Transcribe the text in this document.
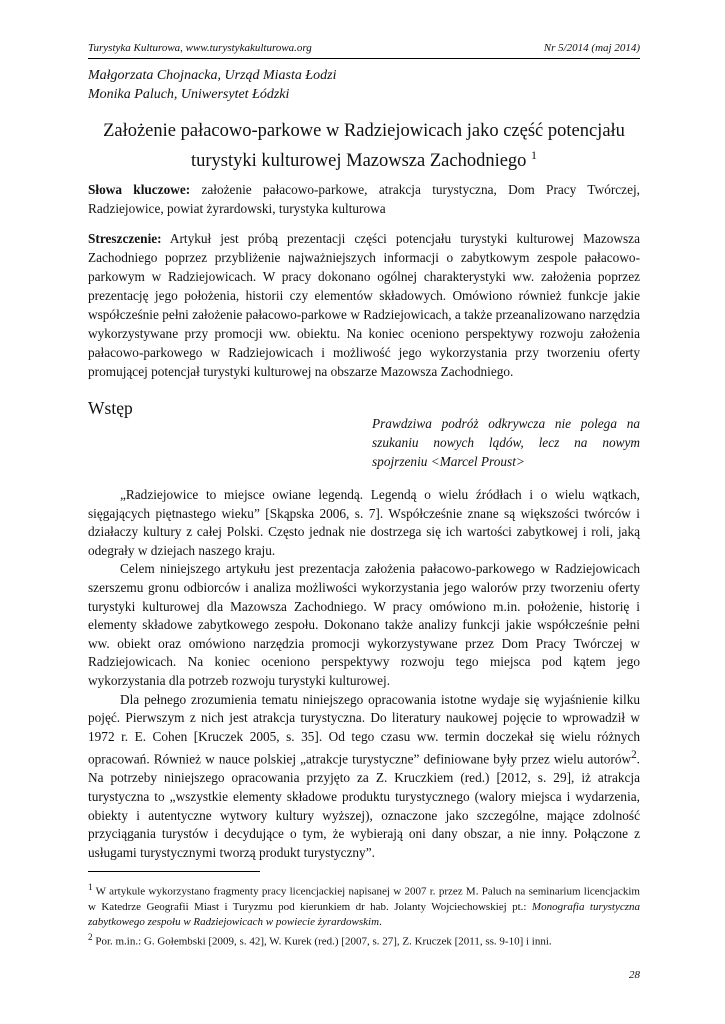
Turystyka Kulturowa, www.turystykakulturowa.org	Nr 5/2014 (maj 2014)
Małgorzata Chojnacka, Urząd Miasta Łodzi
Monika Paluch, Uniwersytet Łódzki
Założenie pałacowo-parkowe w Radziejowicach jako część potencjału
turystyki kulturowej Mazowsza Zachodniego $^1$

Słowa kluczowe: założenie pałacowo-parkowe, atrakcja turystyczna, Dom Pracy Twórczej, Radziejowice, powiat żyrardowski, turystyka kulturowa

Streszczenie: Artykuł jest próbą prezentacji części potencjału turystyki kulturowej Mazowsza Zachodniego poprzez przybliżenie najważniejszych informacji o zabytkowym zespole pałacowo-parkowym w Radziejowicach. W pracy dokonano ogólnej charakterystyki ww. założenia poprzez prezentację jego położenia, historii czy elementów składowych. Omówiono również funkcje jakie współcześnie pełni założenie pałacowo-parkowe w Radziejowicach, a także przeanalizowano narzędzia wykorzystywane przy promocji ww. obiektu. Na koniec oceniono perspektywy rozwoju założenia pałacowo-parkowego w Radziejowicach i możliwość jego wykorzystania przy tworzeniu oferty promującej potencjał turystyki kulturowej na obszarze Mazowsza Zachodniego.

Wstęp
Prawdziwa podróż odkrywcza nie polega na szukaniu nowych lądów, lecz na nowym spojrzeniu <Marcel Proust>

„Radziejowice to miejsce owiane legendą. Legendą o wielu źródłach i o wielu wątkach, sięgających piętnastego wieku” [Skąpska 2006, s. 7]. Współcześnie znane są większości twórców i działaczy kultury z całej Polski. Często jednak nie dostrzega się ich wartości zabytkowej i roli, jaką odegrały w dziejach naszego kraju.

Celem niniejszego artykułu jest prezentacja założenia pałacowo-parkowego w Radziejowicach szerszemu gronu odbiorców i analiza możliwości wykorzystania jego walorów przy tworzeniu oferty turystyki kulturowej dla Mazowsza Zachodniego. W pracy omówiono m.in. położenie, historię i elementy składowe zabytkowego zespołu. Dokonano także analizy funkcji jakie współcześnie pełni ww. obiekt oraz omówiono narzędzia promocji wykorzystywane przez Dom Pracy Twórczej w Radziejowicach. Na koniec oceniono perspektywy rozwoju tego miejsca pod kątem jego wykorzystania dla potrzeb rozwoju turystyki kulturowej.

Dla pełnego zrozumienia tematu niniejszego opracowania istotne wydaje się wyjaśnienie kilku pojęć. Pierwszym z nich jest atrakcja turystyczna. Do literatury naukowej pojęcie to wprowadził w 1972 r. E. Cohen [Kruczek 2005, s. 35]. Od tego czasu ww. termin doczekał się wielu różnych opracowań. Również w nauce polskiej „atrakcje turystyczne” definiowane były przez wielu autorów$^2$. Na potrzeby niniejszego opracowania przyjęto za Z. Kruczkiem (red.) [2012, s. 29], iż atrakcja turystyczna to „wszystkie elementy składowe produktu turystycznego (walory miejsca i wydarzenia, obiekty i autentyczne wytwory kultury wyższej), oznaczone jako szczególne, mające zdolność przyciągania turystów i decydujące o tym, że wybierają oni dany obszar, a nie inny. Połączone z usługami turystycznymi tworzą produkt turystyczny”.

$^1$ W artykule wykorzystano fragmenty pracy licencjackiej napisanej w 2007 r. przez M. Paluch na seminarium licencjackim w Katedrze Geografii Miast i Turyzmu pod kierunkiem dr hab. Jolanty Wojciechowskiej pt.: Monografia turystyczna zabytkowego zespołu w Radziejowicach w powiecie żyrardowskim.

$^2$ Por. m.in.: G. Gołembski [2009, s. 42], W. Kurek (red.) [2007, s. 27], Z. Kruczek [2011, ss. 9-10] i inni.

28
